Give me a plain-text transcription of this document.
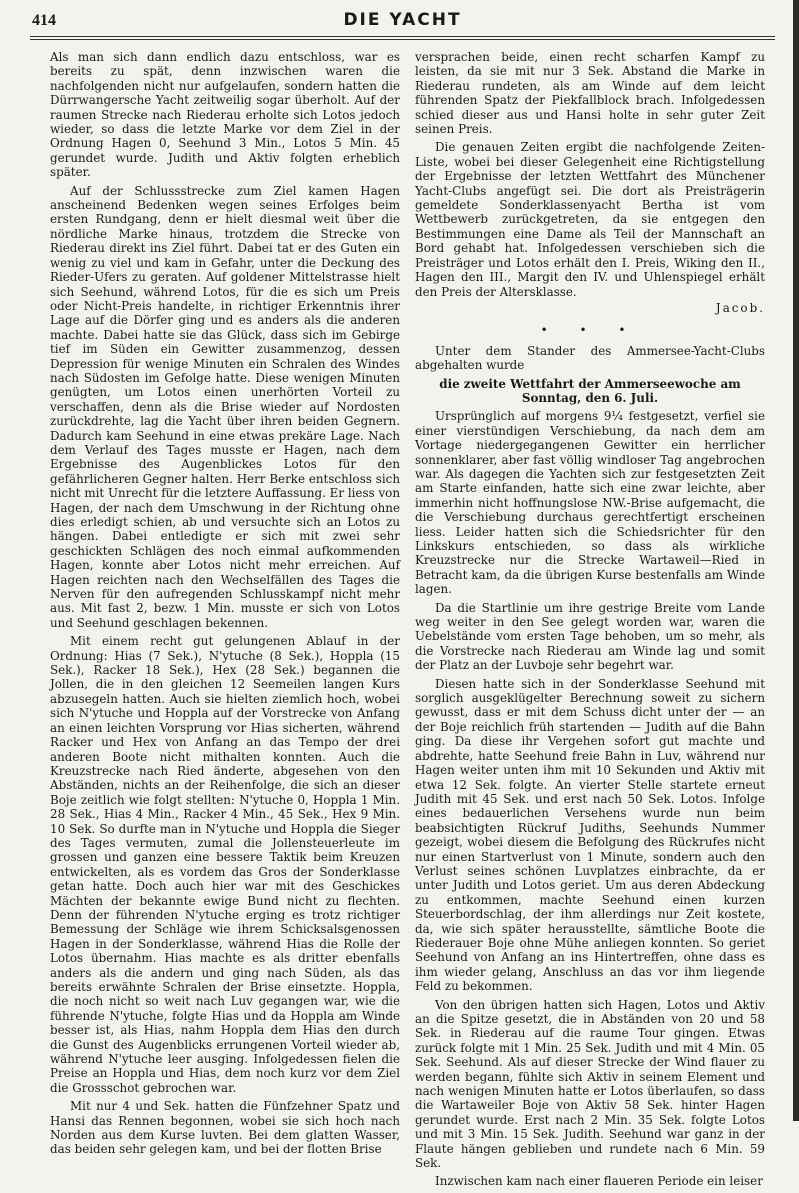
414	DIE YACHT

Als man sich dann endlich dazu entschloss, war es bereits zu spät, denn inzwischen waren die nachfolgenden nicht nur aufgelaufen, sondern hatten die Dürrwangersche Yacht zeitweilig sogar überholt. Auf der raumen Strecke nach Riederau erholte sich Lotos jedoch wieder, so dass die letzte Marke vor dem Ziel in der Ordnung Hagen 0, Seehund 3 Min., Lotos 5 Min. 45 gerundet wurde. Judith und Aktiv folgten erheblich später.

Auf der Schlussstrecke zum Ziel kamen Hagen anscheinend Bedenken wegen seines Erfolges beim ersten Rundgang, denn er hielt diesmal weit über die nördliche Marke hinaus, trotzdem die Strecke von Riederau direkt ins Ziel führt. Dabei tat er des Guten ein wenig zu viel und kam in Gefahr, unter die Deckung des Rieder-Ufers zu geraten. Auf goldener Mittelstrasse hielt sich Seehund, während Lotos, für die es sich um Preis oder Nicht-Preis handelte, in richtiger Erkenntnis ihrer Lage auf die Dörfer ging und es anders als die anderen machte. Dabei hatte sie das Glück, dass sich im Gebirge tief im Süden ein Gewitter zusammenzog, dessen Depression für wenige Minuten ein Schralen des Windes nach Südosten im Gefolge hatte. Diese wenigen Minuten genügten, um Lotos einen unerhörten Vorteil zu verschaffen, denn als die Brise wieder auf Nordosten zurückdrehte, lag die Yacht über ihren beiden Gegnern. Dadurch kam Seehund in eine etwas prekäre Lage. Nach dem Verlauf des Tages musste er Hagen, nach dem Ergebnisse des Augenblickes Lotos für den gefährlicheren Gegner halten. Herr Berke entschloss sich nicht mit Unrecht für die letztere Auffassung. Er liess von Hagen, der nach dem Umschwung in der Richtung ohne dies erledigt schien, ab und versuchte sich an Lotos zu hängen. Dabei entledigte er sich mit zwei sehr geschickten Schlägen des noch einmal aufkommenden Hagen, konnte aber Lotos nicht mehr erreichen. Auf Hagen reichten nach den Wechselfällen des Tages die Nerven für den aufregenden Schlusskampf nicht mehr aus. Mit fast 2, bezw. 1 Min. musste er sich von Lotos und Seehund geschlagen bekennen.

Mit einem recht gut gelungenen Ablauf in der Ordnung: Hias (7 Sek.), N'ytuche (8 Sek.), Hoppla (15 Sek.), Racker 18 Sek.), Hex (28 Sek.) begannen die Jollen, die in den gleichen 12 Seemeilen langen Kurs abzusegeln hatten. Auch sie hielten ziemlich hoch, wobei sich N'ytuche und Hoppla auf der Vorstrecke von Anfang an einen leichten Vorsprung vor Hias sicherten, während Racker und Hex von Anfang an das Tempo der drei anderen Boote nicht mithalten konnten. Auch die Kreuzstrecke nach Ried änderte, abgesehen von den Abständen, nichts an der Reihenfolge, die sich an dieser Boje zeitlich wie folgt stellten: N'ytuche 0, Hoppla 1 Min. 28 Sek., Hias 4 Min., Racker 4 Min., 45 Sek., Hex 9 Min. 10 Sek. So durfte man in N'ytuche und Hoppla die Sieger des Tages vermuten, zumal die Jollensteuerleute im grossen und ganzen eine bessere Taktik beim Kreuzen entwickelten, als es vordem das Gros der Sonderklasse getan hatte. Doch auch hier war mit des Geschickes Mächten der bekannte ewige Bund nicht zu flechten. Denn der führenden N'ytuche erging es trotz richtiger Bemessung der Schläge wie ihrem Schicksalsgenossen Hagen in der Sonderklasse, während Hias die Rolle der Lotos übernahm. Hias machte es als dritter ebenfalls anders als die andern und ging nach Süden, als das bereits erwähnte Schralen der Brise einsetzte. Hoppla, die noch nicht so weit nach Luv gegangen war, wie die führende N'ytuche, folgte Hias und da Hoppla am Winde besser ist, als Hias, nahm Hoppla dem Hias den durch die Gunst des Augenblicks errungenen Vorteil wieder ab, während N'ytuche leer ausging. Infolgedessen fielen die Preise an Hoppla und Hias, dem noch kurz vor dem Ziel die Grossschot gebrochen war.

Mit nur 4 und Sek. hatten die Fünfzehner Spatz und Hansi das Rennen begonnen, wobei sie sich hoch nach Norden aus dem Kurse luvten. Bei dem glatten Wasser, das beiden sehr gelegen kam, und bei der flotten Brise

versprachen beide, einen recht scharfen Kampf zu leisten, da sie mit nur 3 Sek. Abstand die Marke in Riederau rundeten, als am Winde auf dem leicht führenden Spatz der Piekfallblock brach. Infolgedessen schied dieser aus und Hansi holte in sehr guter Zeit seinen Preis.

Die genauen Zeiten ergibt die nachfolgende Zeiten-Liste, wobei bei dieser Gelegenheit eine Richtigstellung der Ergebnisse der letzten Wettfahrt des Münchener Yacht-Clubs angefügt sei. Die dort als Preisträgerin gemeldete Sonderklassenyacht Bertha ist vom Wettbewerb zurückgetreten, da sie entgegen den Bestimmungen eine Dame als Teil der Mannschaft an Bord gehabt hat. Infolgedessen verschieben sich die Preisträger und Lotos erhält den I. Preis, Wiking den II., Hagen den III., Margit den IV. und Uhlenspiegel erhält den Preis der Altersklasse.

Jacob.
• • •

Unter dem Stander des Ammersee-Yacht-Clubs abgehalten wurde

die zweite Wettfahrt der Ammerseewoche am Sonntag, den 6. Juli.

Ursprünglich auf morgens 9¼ festgesetzt, verfiel sie einer vierstündigen Verschiebung, da nach dem am Vortage niedergegangenen Gewitter ein herrlicher sonnenklarer, aber fast völlig windloser Tag angebrochen war. Als dagegen die Yachten sich zur festgesetzten Zeit am Starte einfanden, hatte sich eine zwar leichte, aber immerhin nicht hoffnungslose NW.-Brise aufgemacht, die die Verschiebung durchaus gerechtfertigt erscheinen liess. Leider hatten sich die Schiedsrichter für den Linkskurs entschieden, so dass als wirkliche Kreuzstrecke nur die Strecke Wartaweil—Ried in Betracht kam, da die übrigen Kurse bestenfalls am Winde lagen.

Da die Startlinie um ihre gestrige Breite vom Lande weg weiter in den See gelegt worden war, waren die Uebelstände vom ersten Tage behoben, um so mehr, als die Vorstrecke nach Riederau am Winde lag und somit der Platz an der Luvboje sehr begehrt war.

Diesen hatte sich in der Sonderklasse Seehund mit sorglich ausgeklügelter Berechnung soweit zu sichern gewusst, dass er mit dem Schuss dicht unter der — an der Boje reichlich früh startenden — Judith auf die Bahn ging. Da diese ihr Vergehen sofort gut machte und abdrehte, hatte Seehund freie Bahn in Luv, während nur Hagen weiter unten ihm mit 10 Sekunden und Aktiv mit etwa 12 Sek. folgte. An vierter Stelle startete erneut Judith mit 45 Sek. und erst nach 50 Sek. Lotos. Infolge eines bedauerlichen Versehens wurde nun beim beabsichtigten Rückruf Judiths, Seehunds Nummer gezeigt, wobei diesem die Befolgung des Rückrufes nicht nur einen Startverlust von 1 Minute, sondern auch den Verlust seines schönen Luvplatzes einbrachte, da er unter Judith und Lotos geriet. Um aus deren Abdeckung zu entkommen, machte Seehund einen kurzen Steuerbordschlag, der ihm allerdings nur Zeit kostete, da, wie sich später herausstellte, sämtliche Boote die Riederauer Boje ohne Mühe anliegen konnten. So geriet Seehund von Anfang an ins Hintertreffen, ohne dass es ihm wieder gelang, Anschluss an das vor ihm liegende Feld zu bekommen.

Von den übrigen hatten sich Hagen, Lotos und Aktiv an die Spitze gesetzt, die in Abständen von 20 und 58 Sek. in Riederau auf die raume Tour gingen. Etwas zurück folgte mit 1 Min. 25 Sek. Judith und mit 4 Min. 05 Sek. Seehund. Als auf dieser Strecke der Wind flauer zu werden begann, fühlte sich Aktiv in seinem Element und nach wenigen Minuten hatte er Lotos überlaufen, so dass die Wartaweiler Boje von Aktiv 58 Sek. hinter Hagen gerundet wurde. Erst nach 2 Min. 35 Sek. folgte Lotos und mit 3 Min. 15 Sek. Judith. Seehund war ganz in der Flaute hängen geblieben und rundete nach 6 Min. 59 Sek.

Inzwischen kam nach einer flaueren Periode ein leiser
